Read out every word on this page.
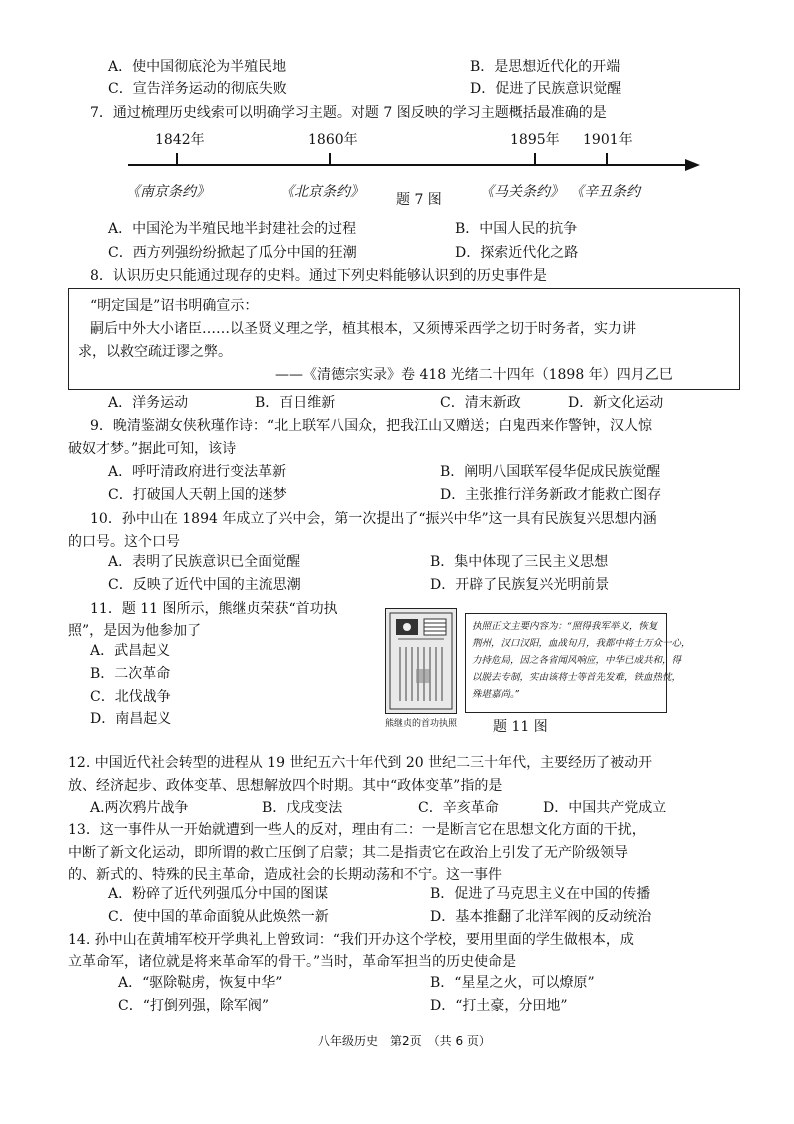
A．使中国彻底沦为半殖民地	B．是思想近代化的开端
C．宣告洋务运动的彻底失败	D．促进了民族意识觉醒
7．通过梳理历史线索可以明确学习主题。对题 7 图反映的学习主题概括最准确的是
1842年	1860年	1895年 1901年
《南京条约》	《北京条约》 题 7 图	《马关条约》 《辛丑条约
A．中国沦为半殖民地半封建社会的过程	B．中国人民的抗争
C．西方列强纷纷掀起了瓜分中国的狂潮	D．探索近代化之路
8．认识历史只能通过现存的史料。通过下列史料能够认识到的历史事件是
“明定国是”诏书明确宣示：
嗣后中外大小诸臣……以圣贤义理之学，植其根本，又须博采西学之切于时务者，实力讲
求，以救空疏迂谬之弊。
——《清德宗实录》卷 418 光绪二十四年（1898 年）四月乙巳
A．洋务运动	B．百日维新	C．清末新政	D．新文化运动
9．晚清鉴湖女侠秋瑾作诗：“北上联军八国众，把我江山又赠送；白鬼西来作警钟，汉人惊
破奴才梦。”据此可知，该诗
A．呼吁清政府进行变法革新	B．阐明八国联军侵华促成民族觉醒
C．打破国人天朝上国的迷梦	D．主张推行洋务新政才能救亡图存
10．孙中山在 1894 年成立了兴中会，第一次提出了“振兴中华”这一具有民族复兴思想内涵
的口号。这个口号
A．表明了民族意识已全面觉醒	B．集中体现了三民主义思想
C．反映了近代中国的主流思潮	D．开辟了民族复兴光明前景
11．题 11 图所示，熊继贞荣获“首功执
照”，是因为他参加了
A．武昌起义
B．二次革命
C．北伐战争
D．南昌起义	熊继贞的首功执照
执照正文主要内容为：“照得我军举义，恢复
荆州，汉口汉阳，血战旬月，我都中将士万众一心，
力持危局，因之各省闻风响应，中华已成共和，得
以脱去专制，实由该将士等首先发难，铁血热忱，
殊堪嘉尚。”
题 11 图
12. 中国近代社会转型的进程从 19 世纪五六十年代到 20 世纪二三十年代，主要经历了被动开
放、经济起步、政体变革、思想解放四个时期。其中“政体变革”指的是
A.两次鸦片战争	B．戊戌变法	C．辛亥革命	D．中国共产党成立
13．这一事件从一开始就遭到一些人的反对，理由有二：一是断言它在思想文化方面的干扰，
中断了新文化运动，即所谓的救亡压倒了启蒙；其二是指责它在政治上引发了无产阶级领导
的、新式的、特殊的民主革命，造成社会的长期动荡和不宁。这一事件
A．粉碎了近代列强瓜分中国的图谋	B．促进了马克思主义在中国的传播
C．使中国的革命面貌从此焕然一新	D．基本推翻了北洋军阀的反动统治
14. 孙中山在黄埔军校开学典礼上曾致词：“我们开办这个学校，要用里面的学生做根本，成
立革命军，诸位就是将来革命军的骨干。”当时，革命军担当的历史使命是
A．“驱除鞑虏，恢复中华”	B．“星星之火，可以燎原”
C．“打倒列强，除军阀”	D．“打土豪，分田地”
八年级历史　第2页　（共 6 页）
